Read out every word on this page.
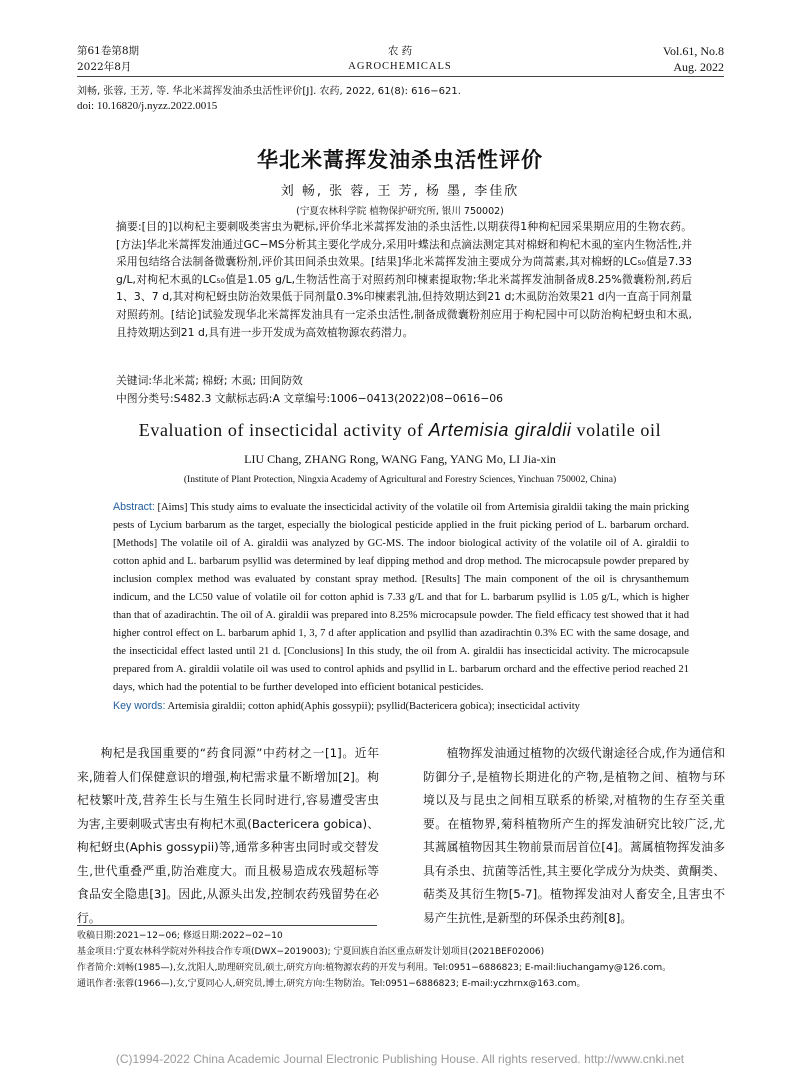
第61卷第8期
2022年8月
农 药
AGROCHEMICALS
Vol.61, No.8
Aug. 2022
刘畅, 张蓉, 王芳, 等. 华北米蒿挥发油杀虫活性评价[J]. 农药, 2022, 61(8): 616−621.
doi: 10.16820/j.nyzz.2022.0015
华北米蒿挥发油杀虫活性评价
刘 畅, 张 蓉, 王 芳, 杨 墨, 李佳欣
(宁夏农林科学院 植物保护研究所, 银川 750002)
摘要:[目的]以枸杞主要刺吸类害虫为靶标,评价华北米蒿挥发油的杀虫活性,以期获得1种枸杞园采果期应用的生物农药。[方法]华北米蒿挥发油通过GC−MS分析其主要化学成分,采用叶蝶法和点滴法测定其对棉蚜和枸杞木虱的室内生物活性,并采用包结络合法制备微囊粉剂,评价其田间杀虫效果。[结果]华北米蒿挥发油主要成分为茼蒿素,其对棉蚜的LC₅₀值是7.33 g/L,对枸杞木虱的LC₅₀值是1.05 g/L,生物活性高于对照药剂印楝素提取物;华北米蒿挥发油制备成8.25%微囊粉剂,药后1、3、7 d,其对枸杞蚜虫防治效果低于同剂量0.3%印楝素乳油,但持效期达到21 d;木虱防治效果21 d内一直高于同剂量对照药剂。[结论]试验发现华北米蒿挥发油具有一定杀虫活性,制备成微囊粉剂应用于枸杞园中可以防治枸杞蚜虫和木虱,且持效期达到21 d,具有进一步开发成为高效植物源农药潜力。
关键词:华北米蒿; 棉蚜; 木虱; 田间防效
中图分类号:S482.3 文献标志码:A 文章编号:1006−0413(2022)08−0616−06
Evaluation of insecticidal activity of Artemisia giraldii volatile oil
LIU Chang, ZHANG Rong, WANG Fang, YANG Mo, LI Jia-xin
(Institute of Plant Protection, Ningxia Academy of Agricultural and Forestry Sciences, Yinchuan 750002, China)
Abstract: [Aims] This study aims to evaluate the insecticidal activity of the volatile oil from Artemisia giraldii taking the main pricking pests of Lycium barbarum as the target, especially the biological pesticide applied in the fruit picking period of L. barbarum orchard. [Methods] The volatile oil of A. giraldii was analyzed by GC-MS. The indoor biological activity of the volatile oil of A. giraldii to cotton aphid and L. barbarum psyllid was determined by leaf dipping method and drop method. The microcapsule powder prepared by inclusion complex method was evaluated by constant spray method. [Results] The main component of the oil is chrysanthemum indicum, and the LC50 value of volatile oil for cotton aphid is 7.33 g/L and that for L. barbarum psyllid is 1.05 g/L, which is higher than that of azadirachtin. The oil of A. giraldii was prepared into 8.25% microcapsule powder. The field efficacy test showed that it had higher control effect on L. barbarum aphid 1, 3, 7 d after application and psyllid than azadirachtin 0.3% EC with the same dosage, and the insecticidal effect lasted until 21 d. [Conclusions] In this study, the oil from A. giraldii has insecticidal activity. The microcapsule prepared from A. giraldii volatile oil was used to control aphids and psyllid in L. barbarum orchard and the effective period reached 21 days, which had the potential to be further developed into efficient botanical pesticides.
Key words: Artemisia giraldii; cotton aphid(Aphis gossypii); psyllid(Bactericera gobica); insecticidal activity

枸杞是我国重要的“药食同源”中药材之一[1]。近年来,随着人们保健意识的增强,枸杞需求量不断增加[2]。枸杞枝繁叶茂,营养生长与生殖生长同时进行,容易遭受害虫为害,主要刺吸式害虫有枸杞木虱(Bactericera gobica)、枸杞蚜虫(Aphis gossypii)等,通常多种害虫同时或交替发生,世代重叠严重,防治难度大。而且极易造成农残超标等食品安全隐患[3]。因此,从源头出发,控制农药残留势在必行。

植物挥发油通过植物的次级代谢途径合成,作为通信和防御分子,是植物长期进化的产物,是植物之间、植物与环境以及与昆虫之间相互联系的桥梁,对植物的生存至关重要。在植物界,菊科植物所产生的挥发油研究比较广泛,尤其蒿属植物因其生物前景而居首位[4]。蒿属植物挥发油多具有杀虫、抗菌等活性,其主要化学成分为炔类、黄酮类、萜类及其衍生物[5-7]。植物挥发油对人畜安全,且害虫不易产生抗性,是新型的环保杀虫药剂[8]。

收稿日期:2021−12−06; 修返日期:2022−02−10
基金项目:宁夏农林科学院对外科技合作专项(DWX−2019003); 宁夏回族自治区重点研发计划项目(2021BEF02006)
作者简介:刘畅(1985—),女,沈阳人,助理研究员,硕士,研究方向:植物源农药的开发与利用。Tel:0951−6886823; E-mail:liuchangamy@126.com。
通讯作者:张蓉(1966—),女,宁夏同心人,研究员,博士,研究方向:生物防治。Tel:0951−6886823; E-mail:yczhrnx@163.com。
(C)1994-2022 China Academic Journal Electronic Publishing House. All rights reserved. http://www.cnki.net
